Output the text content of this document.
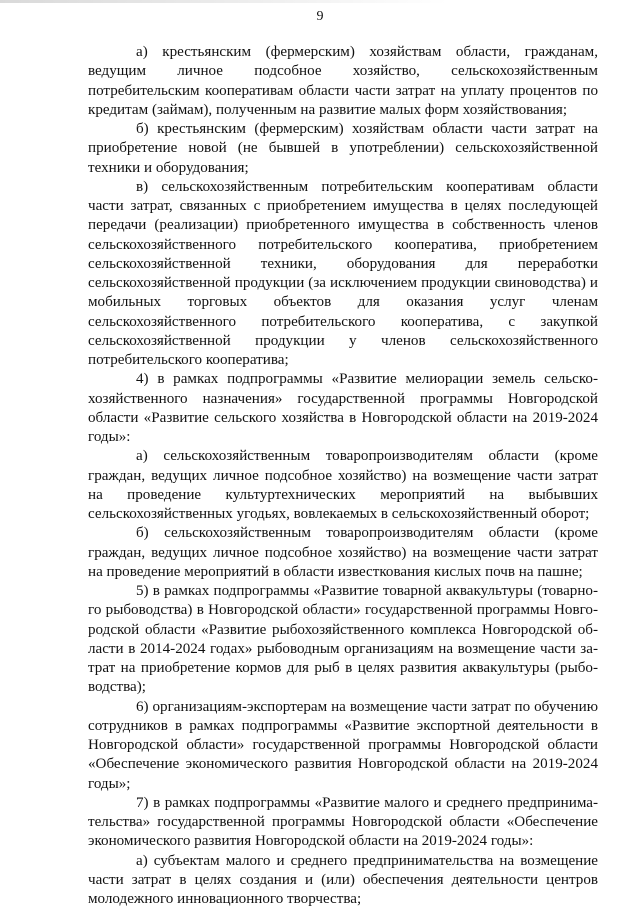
9

а) крестьянским (фермерским) хозяйствам области, гражданам, ведущим личное подсобное хозяйство, сельскохозяйственным потребительским кооперативам области части затрат на уплату процентов по кредитам (займам), полученным на развитие малых форм хозяйствования;

б) крестьянским (фермерским) хозяйствам области части затрат на приобретение новой (не бывшей в употреблении) сельскохозяйственной техники и оборудования;

в) сельскохозяйственным потребительским кооперативам области части затрат, связанных с приобретением имущества в целях последующей передачи (реализации) приобретенного имущества в собственность членов сельскохозяйственного потребительского кооператива, приобретением сельскохозяйственной техники, оборудования для переработки сельскохозяйственной продукции (за исключением продукции свиноводства) и мобильных торговых объектов для оказания услуг членам сельскохозяйственного потребительского кооператива, с закупкой сельскохозяйственной продукции у членов сельскохозяйственного потребительского кооператива;

4) в рамках подпрограммы «Развитие мелиорации земель сельскохозяйственного назначения» государственной программы Новгородской области «Развитие сельского хозяйства в Новгородской области на 2019-2024 годы»:

а) сельскохозяйственным товаропроизводителям области (кроме граждан, ведущих личное подсобное хозяйство) на возмещение части затрат на проведение культуртехнических мероприятий на выбывших сельскохозяйственных угодьях, вовлекаемых в сельскохозяйственный оборот;

б) сельскохозяйственным товаропроизводителям области (кроме граждан, ведущих личное подсобное хозяйство) на возмещение части затрат на проведение мероприятий в области известкования кислых почв на пашне;

5) в рамках подпрограммы «Развитие товарной аквакультуры (товарного рыбоводства) в Новгородской области» государственной программы Новгородской области «Развитие рыбохозяйственного комплекса Новгородской области в 2014-2024 годах» рыбоводным организациям на возмещение части затрат на приобретение кормов для рыб в целях развития аквакультуры (рыбоводства);

6) организациям-экспортерам на возмещение части затрат по обучению сотрудников в рамках подпрограммы «Развитие экспортной деятельности в Новгородской области» государственной программы Новгородской области «Обеспечение экономического развития Новгородской области на 2019-2024 годы»;

7) в рамках подпрограммы «Развитие малого и среднего предпринимательства» государственной программы Новгородской области «Обеспечение экономического развития Новгородской области на 2019-2024 годы»:

а) субъектам малого и среднего предпринимательства на возмещение части затрат в целях создания и (или) обеспечения деятельности центров молодежного инновационного творчества;
